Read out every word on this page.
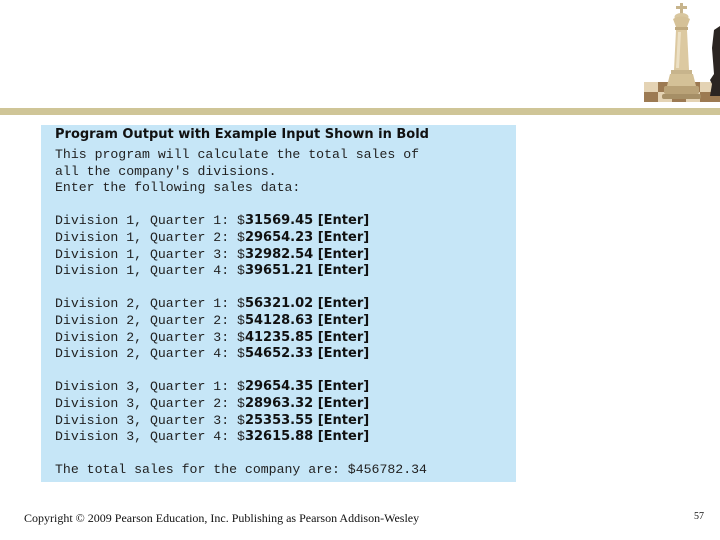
Program Output with Example Input Shown in Bold
This program will calculate the total sales of
all the company's divisions.
Enter the following sales data:
Division 1, Quarter 1: $31569.45 [Enter]
Division 1, Quarter 2: $29654.23 [Enter]
Division 1, Quarter 3: $32982.54 [Enter]
Division 1, Quarter 4: $39651.21 [Enter]
Division 2, Quarter 1: $56321.02 [Enter]
Division 2, Quarter 2: $54128.63 [Enter]
Division 2, Quarter 3: $41235.85 [Enter]
Division 2, Quarter 4: $54652.33 [Enter]
Division 3, Quarter 1: $29654.35 [Enter]
Division 3, Quarter 2: $28963.32 [Enter]
Division 3, Quarter 3: $25353.55 [Enter]
Division 3, Quarter 4: $32615.88 [Enter]
The total sales for the company are: $456782.34
Copyright © 2009 Pearson Education, Inc. Publishing as Pearson Addison-Wesley	57
